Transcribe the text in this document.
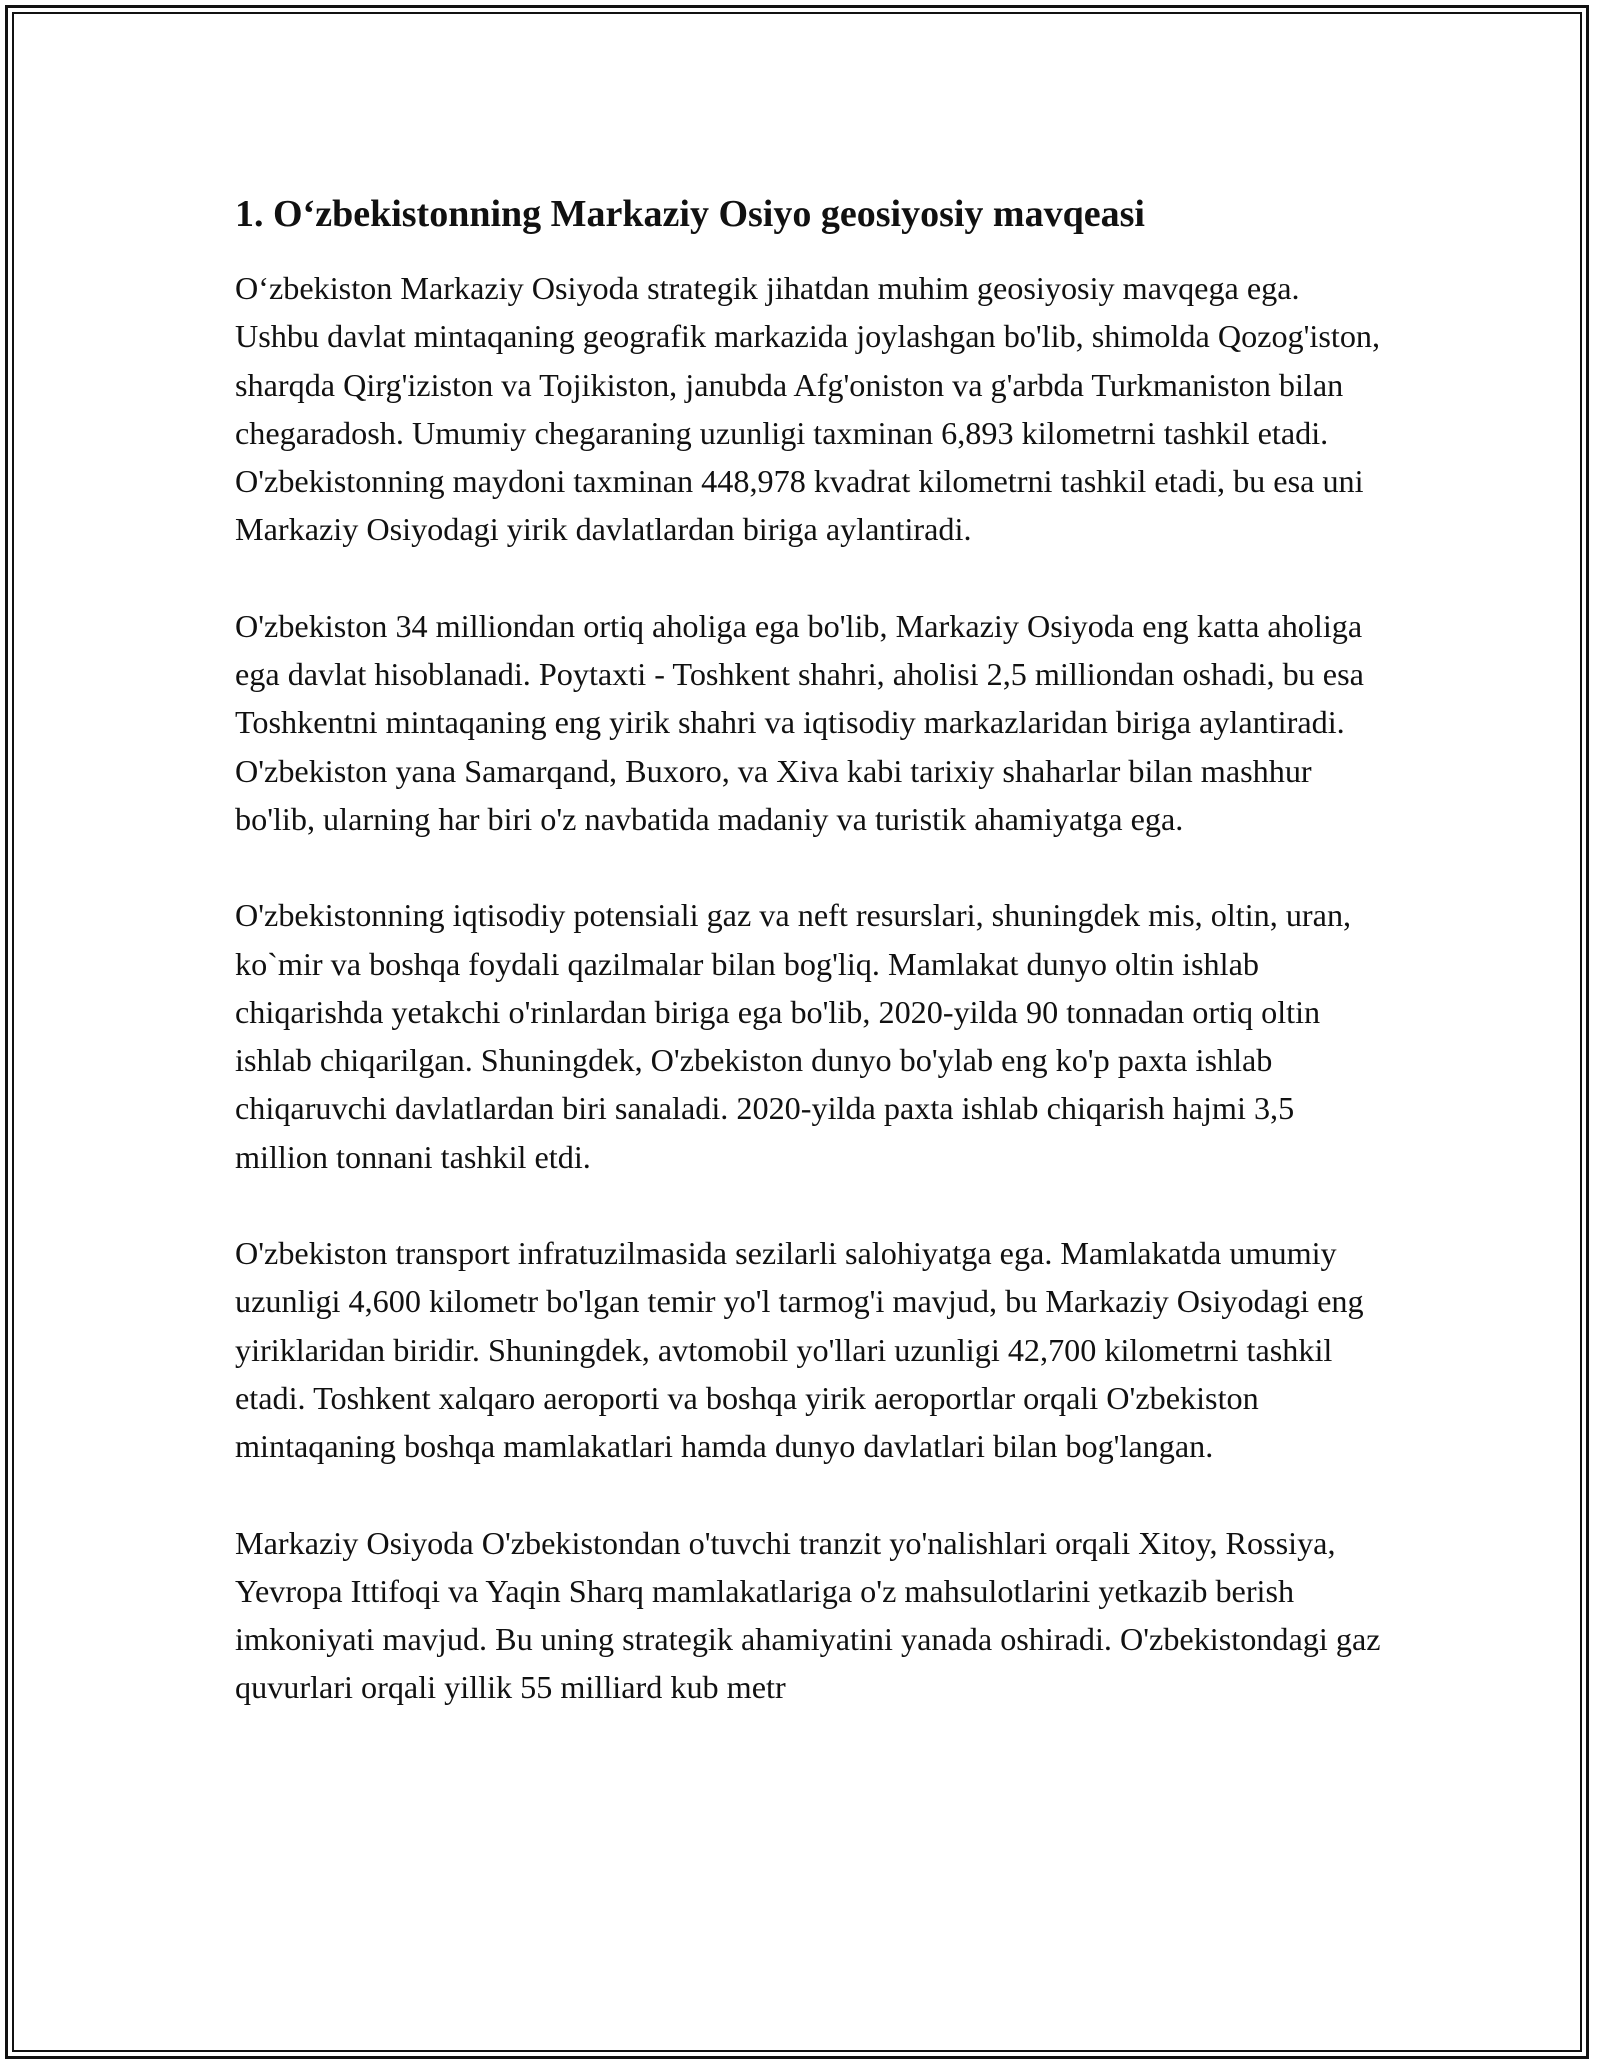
1. O‘zbekistonning Markaziy Osiyo geosiyosiy mavqeasi

O‘zbekiston Markaziy Osiyoda strategik jihatdan muhim geosiyosiy mavqega ega. Ushbu davlat mintaqaning geografik markazida joylashgan bo'lib, shimolda Qozog'iston, sharqda Qirg'iziston va Tojikiston, janubda Afg'oniston va g'arbda Turkmaniston bilan chegaradosh. Umumiy chegaraning uzunligi taxminan 6,893 kilometrni tashkil etadi. O'zbekistonning maydoni taxminan 448,978 kvadrat kilometrni tashkil etadi, bu esa uni Markaziy Osiyodagi yirik davlatlardan biriga aylantiradi.

O'zbekiston 34 milliondan ortiq aholiga ega bo'lib, Markaziy Osiyoda eng katta aholiga ega davlat hisoblanadi. Poytaxti - Toshkent shahri, aholisi 2,5 milliondan oshadi, bu esa Toshkentni mintaqaning eng yirik shahri va iqtisodiy markazlaridan biriga aylantiradi. O'zbekiston yana Samarqand, Buxoro, va Xiva kabi tarixiy shaharlar bilan mashhur bo'lib, ularning har biri o'z navbatida madaniy va turistik ahamiyatga ega.

O'zbekistonning iqtisodiy potensiali gaz va neft resurslari, shuningdek mis, oltin, uran, ko`mir va boshqa foydali qazilmalar bilan bog'liq. Mamlakat dunyo oltin ishlab chiqarishda yetakchi o'rinlardan biriga ega bo'lib, 2020-yilda 90 tonnadan ortiq oltin ishlab chiqarilgan. Shuningdek, O'zbekiston dunyo bo'ylab eng ko'p paxta ishlab chiqaruvchi davlatlardan biri sanaladi. 2020-yilda paxta ishlab chiqarish hajmi 3,5 million tonnani tashkil etdi.

O'zbekiston transport infratuzilmasida sezilarli salohiyatga ega. Mamlakatda umumiy uzunligi 4,600 kilometr bo'lgan temir yo'l tarmog'i mavjud, bu Markaziy Osiyodagi eng yiriklaridan biridir. Shuningdek, avtomobil yo'llari uzunligi 42,700 kilometrni tashkil etadi. Toshkent xalqaro aeroporti va boshqa yirik aeroportlar orqali O'zbekiston mintaqaning boshqa mamlakatlari hamda dunyo davlatlari bilan bog'langan.

Markaziy Osiyoda O'zbekistondan o'tuvchi tranzit yo'nalishlari orqali Xitoy, Rossiya, Yevropa Ittifoqi va Yaqin Sharq mamlakatlariga o'z mahsulotlarini yetkazib berish imkoniyati mavjud. Bu uning strategik ahamiyatini yanada oshiradi. O'zbekistondagi gaz quvurlari orqali yillik 55 milliard kub metr
